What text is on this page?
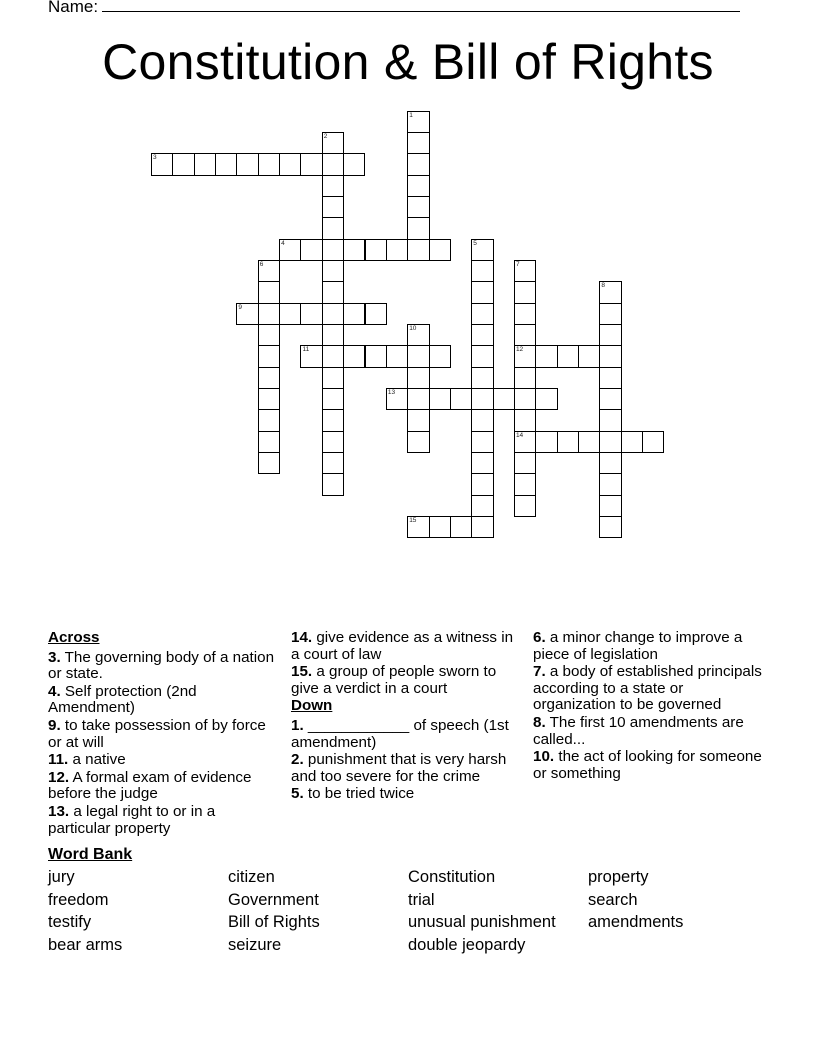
Name:
Constitution & Bill of Rights
1
2
3
4	5
6	7
12
14
8
9
10
11
13
15
Across
3. The governing body of a nation or state.
4. Self protection (2nd Amendment)
9. to take possession of by force or at will
11. a native
12. A formal exam of evidence before the judge
13. a legal right to or in a particular property
14. give evidence as a witness in a court of law
15. a group of people sworn to give a verdict in a court
Down
1. ____________ of speech (1st amendment)
2. punishment that is very harsh and too severe for the crime
5. to be tried twice
6. a minor change to improve a piece of legislation
7. a body of established principals according to a state or organization to be governed
8. The first 10 amendments are called...
10. the act of looking for someone or something
Word Bank
jury	citizen	Constitution	property
freedom	Government	trial	search
testify	Bill of Rights	unusual punishment	amendments
bear arms	seizure	double jeopardy
